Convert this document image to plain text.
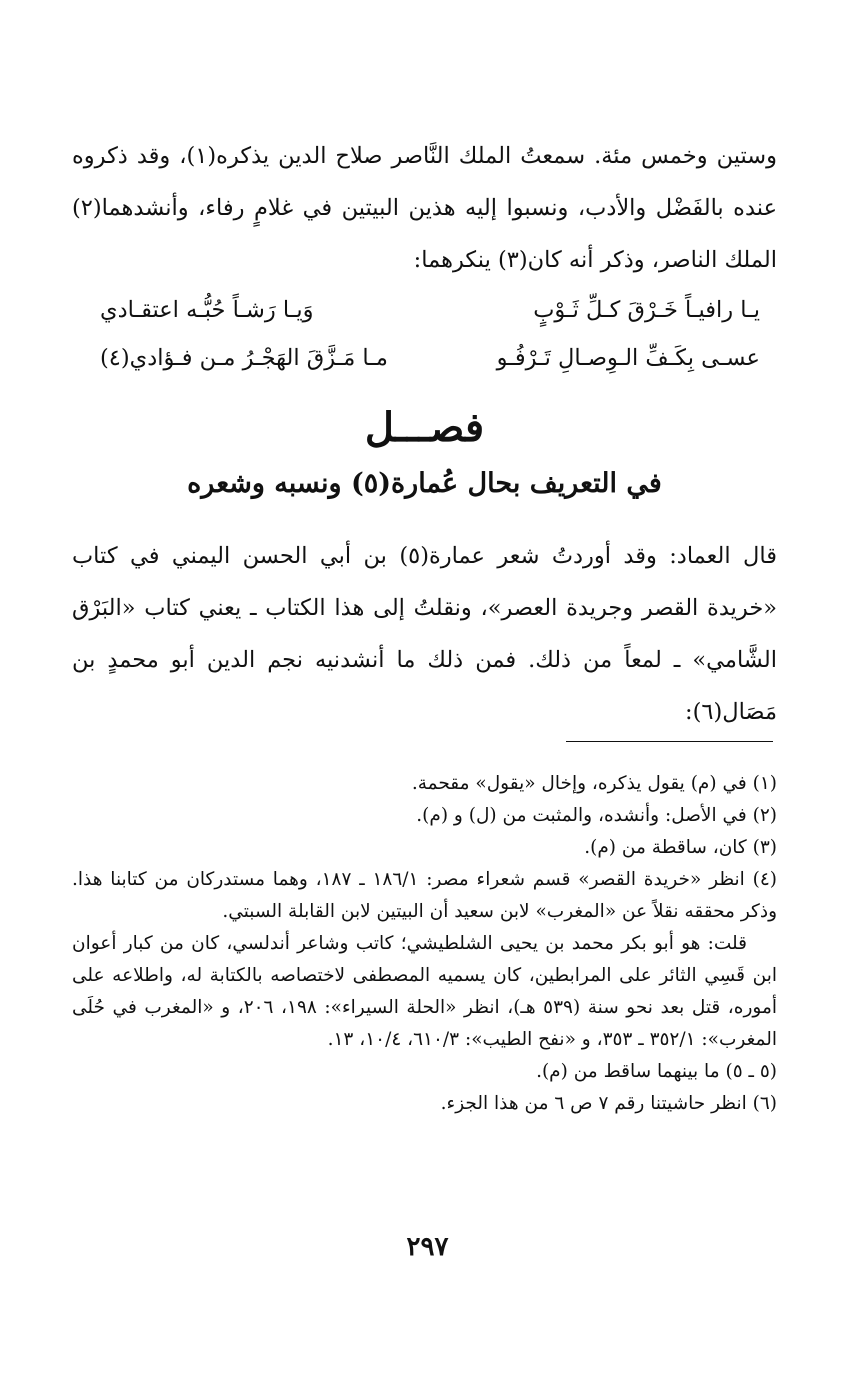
وستين وخمس مئة. سمعتُ الملك النَّاصر صلاح الدين يذكره(١)، وقد ذكروه عنده بالفَضْل والأدب، ونسبوا إليه هذين البيتين في غلامٍ رفاء، وأنشدهما(٢) الملك الناصر، وذكر أنه كان(٣) ينكرهما:
يـا رافيـاً خَـرْقَ كـلِّ ثَـوْبٍ
وَيـا رَشـاً حُبُّـه اعتقـادي
عسـى بِكَـفِّ الـوِصـالِ تَـرْفُـو
مـا مَـزَّقَ الهَجْـرُ مـن فـؤادي(٤)
فصـــل
في التعريف بحال عُمارة(٥) ونسبه وشعره
قال العماد: وقد أوردتُ شعر عمارة(٥) بن أبي الحسن اليمني في كتاب «خريدة القصر وجريدة العصر»، ونقلتُ إلى هذا الكتاب ـ يعني كتاب «البَرْق الشَّامي» ـ لمعاً من ذلك. فمن ذلك ما أنشدنيه نجم الدين أبو محمدٍ بن مَصَال(٦):

(١) في (م) يقول يذكره، وإخال «يقول» مقحمة.

(٢) في الأصل: وأنشده، والمثبت من (ل) و (م).

(٣) كان، ساقطة من (م).

(٤) انظر «خريدة القصر» قسم شعراء مصر: ١٨٦/١ ـ ١٨٧، وهما مستدركان من كتابنا هذا. وذكر محققه نقلاً عن «المغرب» لابن سعيد أن البيتين لابن القابلة السبتي.

قلت: هو أبو بكر محمد بن يحيى الشلطيشي؛ كاتب وشاعر أندلسي، كان من كبار أعوان ابن قَسِي الثائر على المرابطين، كان يسميه المصطفى لاختصاصه بالكتابة له، واطلاعه على أموره، قتل بعد نحو سنة (٥٣٩ هـ)، انظر «الحلة السيراء»: ١٩٨، ٢٠٦، و «المغرب في حُلَى المغرب»: ٣٥٢/١ ـ ٣٥٣، و «نفح الطيب»: ٦١٠/٣، ١٠/٤، ١٣.

(٥ ـ ٥) ما بينهما ساقط من (م).

(٦) انظر حاشيتنا رقم ٧ ص ٦ من هذا الجزء.

٢٩٧
